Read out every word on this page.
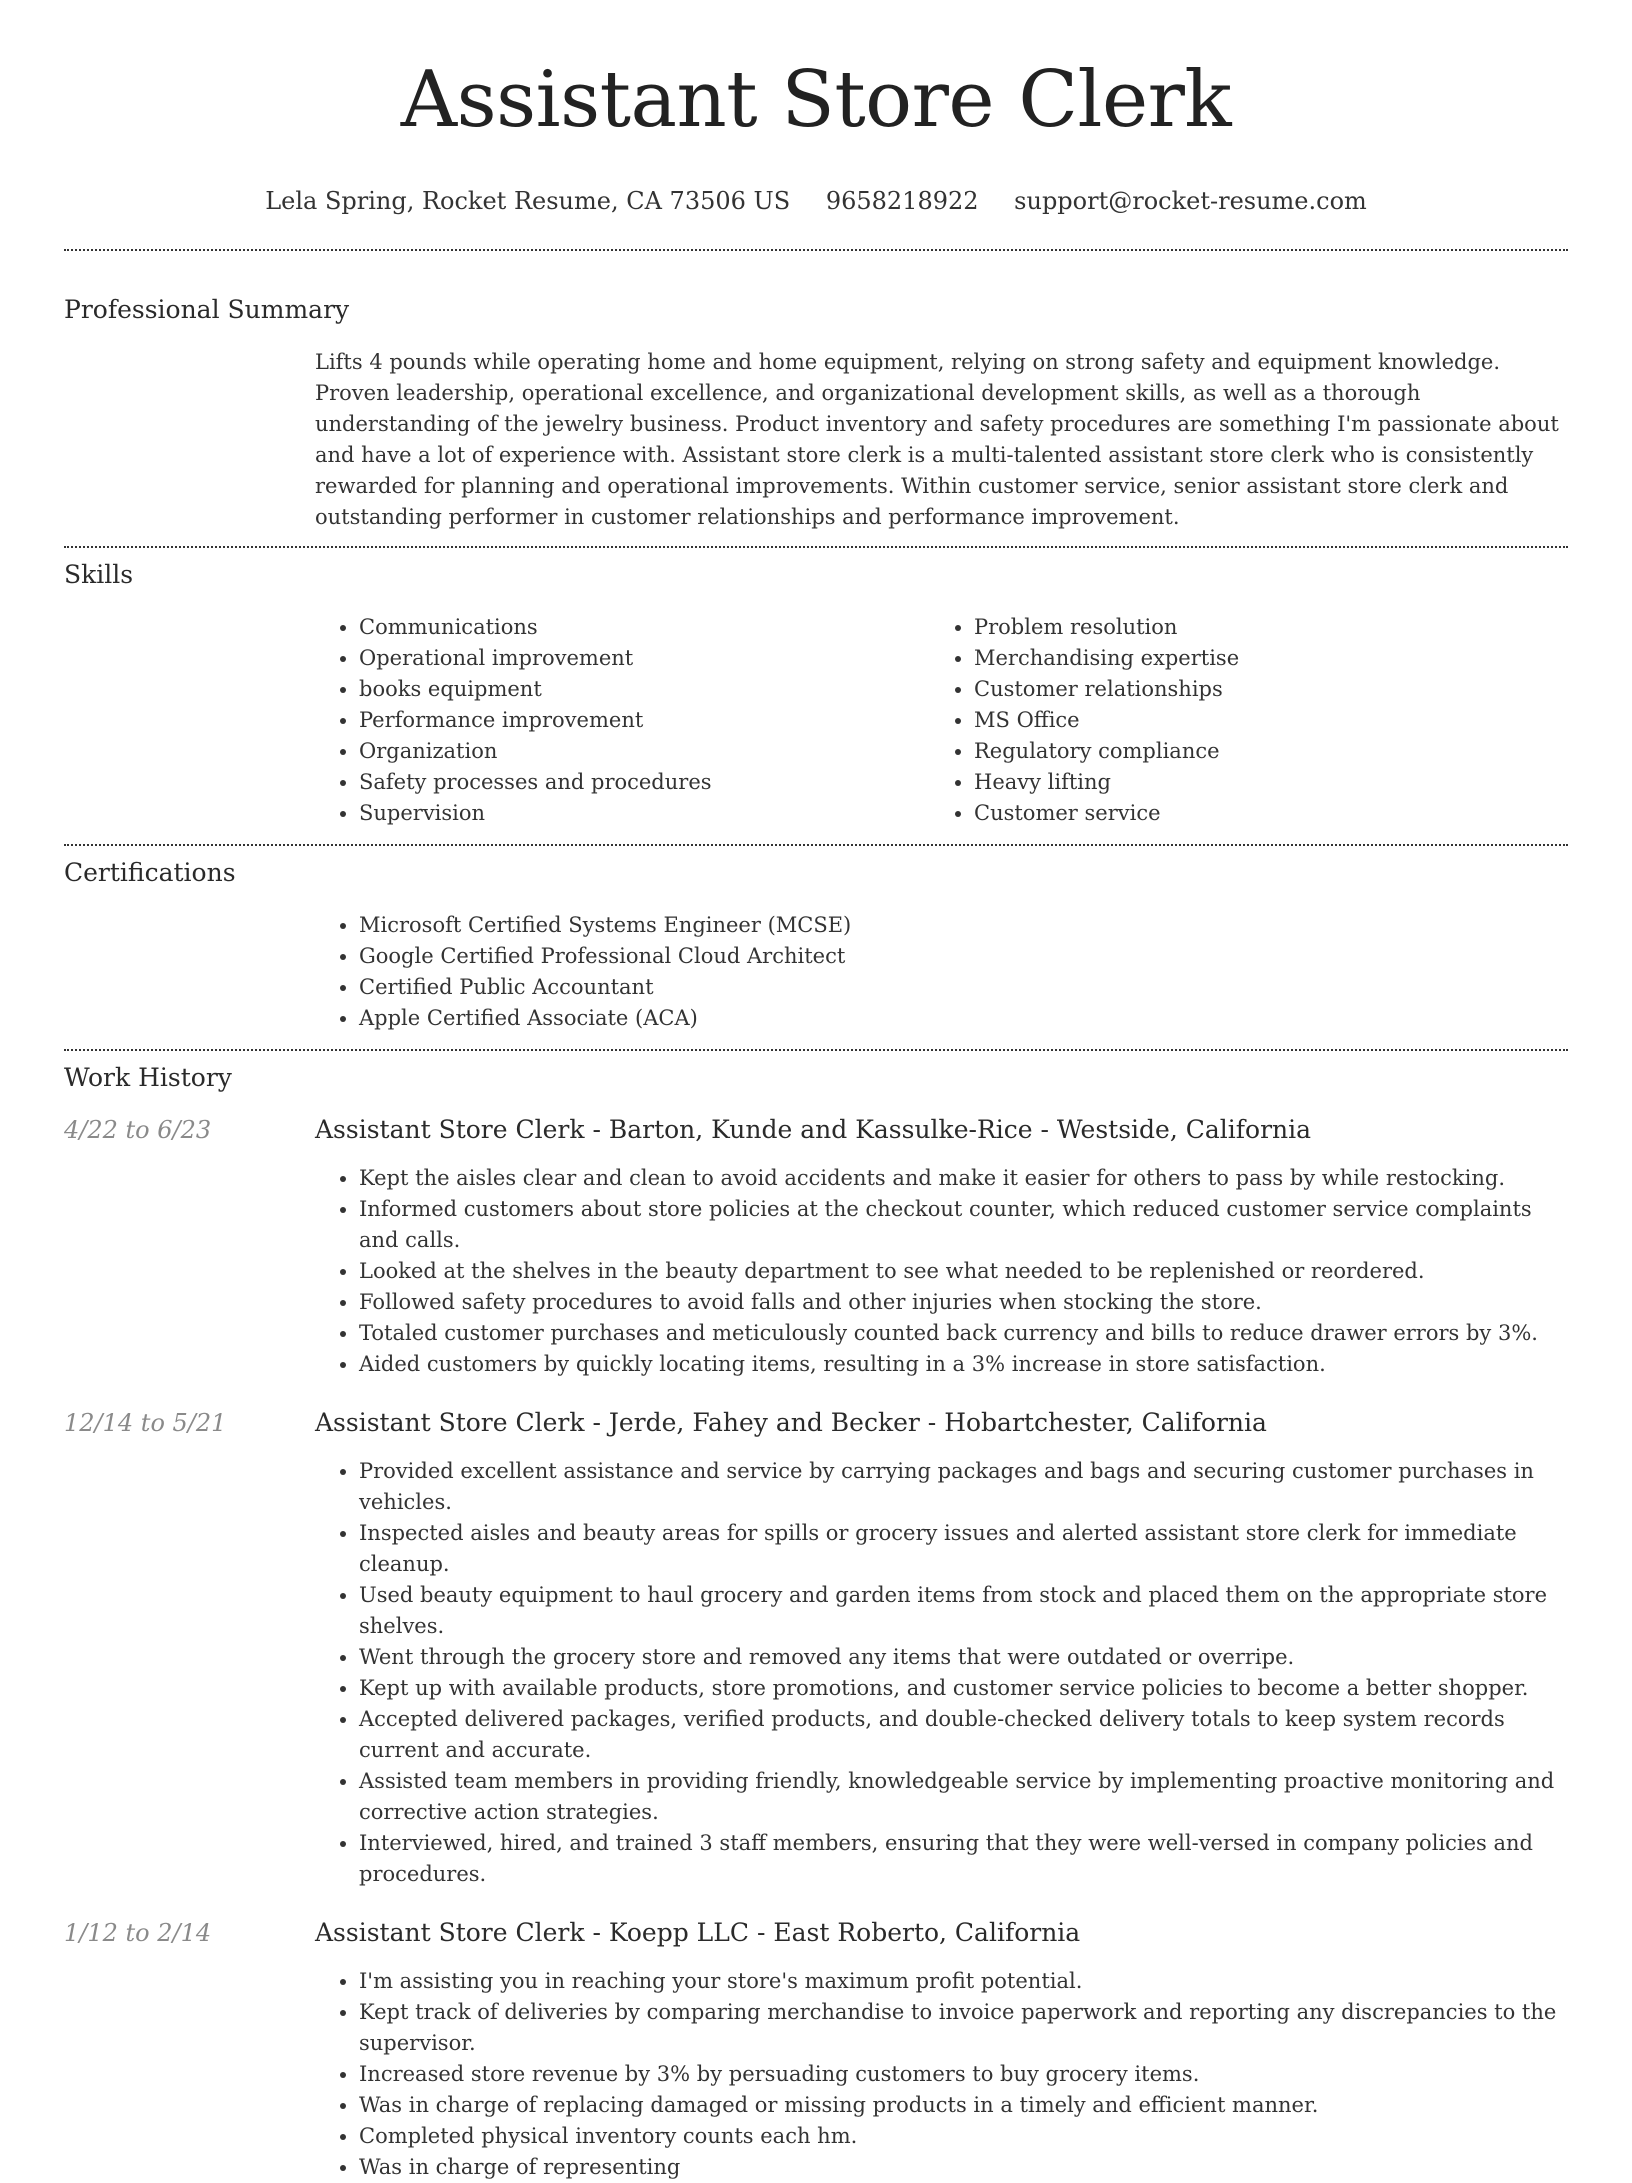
Assistant Store Clerk
Lela Spring, Rocket Resume, CA 73506 US 9658218922 support@rocket-resume.com
Professional Summary
Lifts 4 pounds while operating home and home equipment, relying on strong safety and equipment knowledge. Proven leadership, operational excellence, and organizational development skills, as well as a thorough understanding of the jewelry business. Product inventory and safety procedures are something I'm passionate about and have a lot of experience with. Assistant store clerk is a multi-talented assistant store clerk who is consistently rewarded for planning and operational improvements. Within customer service, senior assistant store clerk and outstanding performer in customer relationships and performance improvement.
Skills
• Communications
• Operational improvement
• books equipment
• Performance improvement
• Organization
• Safety processes and procedures
• Supervision
• Problem resolution
• Merchandising expertise
• Customer relationships
• MS Office
• Regulatory compliance
• Heavy lifting
• Customer service
Certifications
• Microsoft Certified Systems Engineer (MCSE)
• Google Certified Professional Cloud Architect
• Certified Public Accountant
• Apple Certified Associate (ACA)
Work History
4/22 to 6/23	Assistant Store Clerk - Barton, Kunde and Kassulke-Rice - Westside, California
• Kept the aisles clear and clean to avoid accidents and make it easier for others to pass by while restocking.
• Informed customers about store policies at the checkout counter, which reduced customer service complaints and calls.
• Looked at the shelves in the beauty department to see what needed to be replenished or reordered.
• Followed safety procedures to avoid falls and other injuries when stocking the store.
• Totaled customer purchases and meticulously counted back currency and bills to reduce drawer errors by 3%.
• Aided customers by quickly locating items, resulting in a 3% increase in store satisfaction.
12/14 to 5/21	Assistant Store Clerk - Jerde, Fahey and Becker - Hobartchester, California
• Provided excellent assistance and service by carrying packages and bags and securing customer purchases in vehicles.
• Inspected aisles and beauty areas for spills or grocery issues and alerted assistant store clerk for immediate cleanup.
• Used beauty equipment to haul grocery and garden items from stock and placed them on the appropriate store shelves.
• Went through the grocery store and removed any items that were outdated or overripe.
• Kept up with available products, store promotions, and customer service policies to become a better shopper.
• Accepted delivered packages, verified products, and double-checked delivery totals to keep system records current and accurate.
• Assisted team members in providing friendly, knowledgeable service by implementing proactive monitoring and corrective action strategies.
• Interviewed, hired, and trained 3 staff members, ensuring that they were well-versed in company policies and procedures.
1/12 to 2/14	Assistant Store Clerk - Koepp LLC - East Roberto, California
• I'm assisting you in reaching your store's maximum profit potential.
• Kept track of deliveries by comparing merchandise to invoice paperwork and reporting any discrepancies to the supervisor.
• Increased store revenue by 3% by persuading customers to buy grocery items.
• Was in charge of replacing damaged or missing products in a timely and efficient manner.
• Completed physical inventory counts each hm.
• Was in charge of representing
